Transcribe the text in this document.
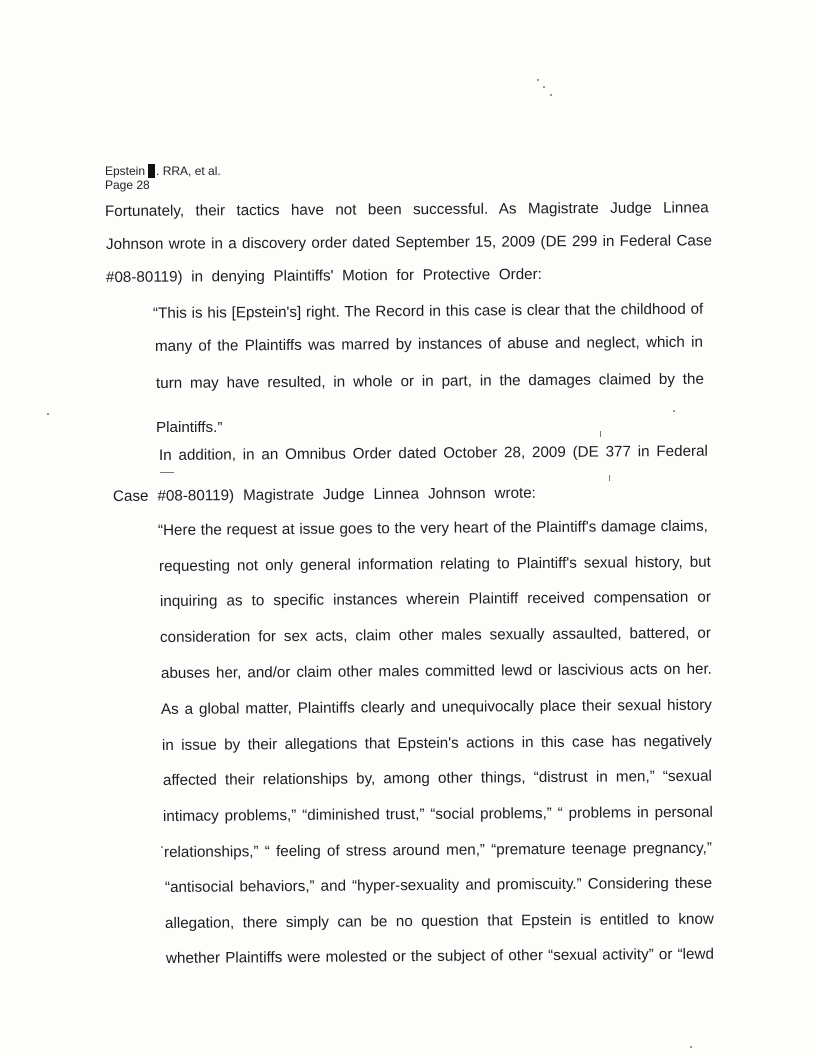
Epstein . RRA, et al.
Page 28
Fortunately, their tactics have not been successful. As Magistrate Judge Linnea
Johnson wrote in a discovery order dated September 15, 2009 (DE 299 in Federal Case
#08-80119) in denying Plaintiffs' Motion for Protective Order:
“This is his [Epstein's] right. The Record in this case is clear that the childhood of
many of the Plaintiffs was marred by instances of abuse and neglect, which in
turn may have resulted, in whole or in part, in the damages claimed by the
Plaintiffs.”
In addition, in an Omnibus Order dated October 28, 2009 (DE 377 in Federal
Case #08-80119) Magistrate Judge Linnea Johnson wrote:
“Here the request at issue goes to the very heart of the Plaintiff's damage claims,
requesting not only general information relating to Plaintiff's sexual history, but
inquiring as to specific instances wherein Plaintiff received compensation or
consideration for sex acts, claim other males sexually assaulted, battered, or
abuses her, and/or claim other males committed lewd or lascivious acts on her.
As a global matter, Plaintiffs clearly and unequivocally place their sexual history
in issue by their allegations that Epstein's actions in this case has negatively
affected their relationships by, among other things, “distrust in men,” “sexual
intimacy problems,” “diminished trust,” “social problems,” “ problems in personal
relationships,” “ feeling of stress around men,” “premature teenage pregnancy,”
“antisocial behaviors,” and “hyper-sexuality and promiscuity.” Considering these
allegation, there simply can be no question that Epstein is entitled to know
whether Plaintiffs were molested or the subject of other “sexual activity” or “lewd
